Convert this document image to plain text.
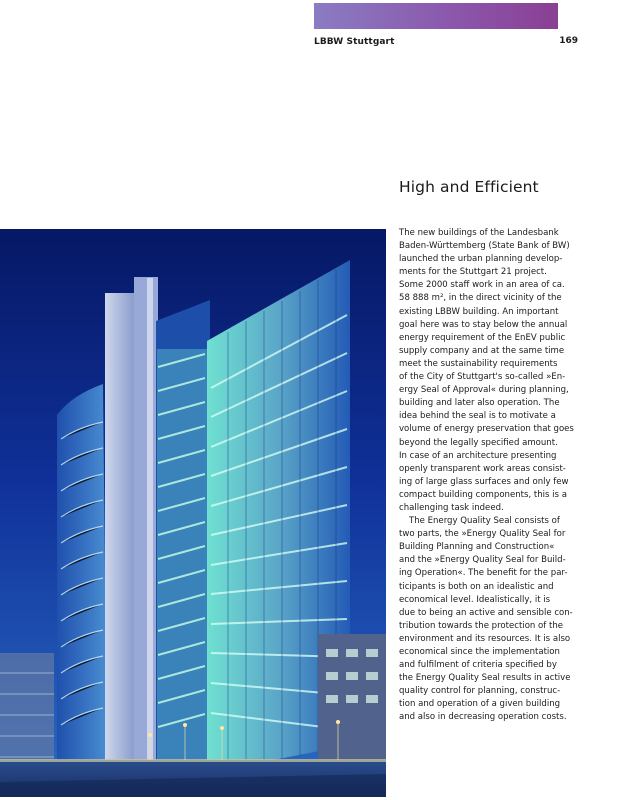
LBBW Stuttgart	169
High and Efficient
The new buildings of the Landesbank
Baden-Württemberg (State Bank of BW)
launched the urban planning develop-
ments for the Stuttgart 21 project.
Some 2000 staff work in an area of ca.
58 888 m², in the direct vicinity of the
existing LBBW building. An important
goal here was to stay below the annual
energy requirement of the EnEV public
supply company and at the same time
meet the sustainability requirements
of the City of Stuttgart's so-called »En-
ergy Seal of Approval« during planning,
building and later also operation. The
idea behind the seal is to motivate a
volume of energy preservation that goes
beyond the legally specified amount.
In case of an architecture presenting
openly transparent work areas consist-
ing of large glass surfaces and only few
compact building components, this is a
challenging task indeed.
The Energy Quality Seal consists of
two parts, the »Energy Quality Seal for
Building Planning and Construction«
and the »Energy Quality Seal for Build-
ing Operation«. The benefit for the par-
ticipants is both on an idealistic and
economical level. Idealistically, it is
due to being an active and sensible con-
tribution towards the protection of the
environment and its resources. It is also
economical since the implementation
and fulfilment of criteria specified by
the Energy Quality Seal results in active
quality control for planning, construc-
tion and operation of a given building
and also in decreasing operation costs.
